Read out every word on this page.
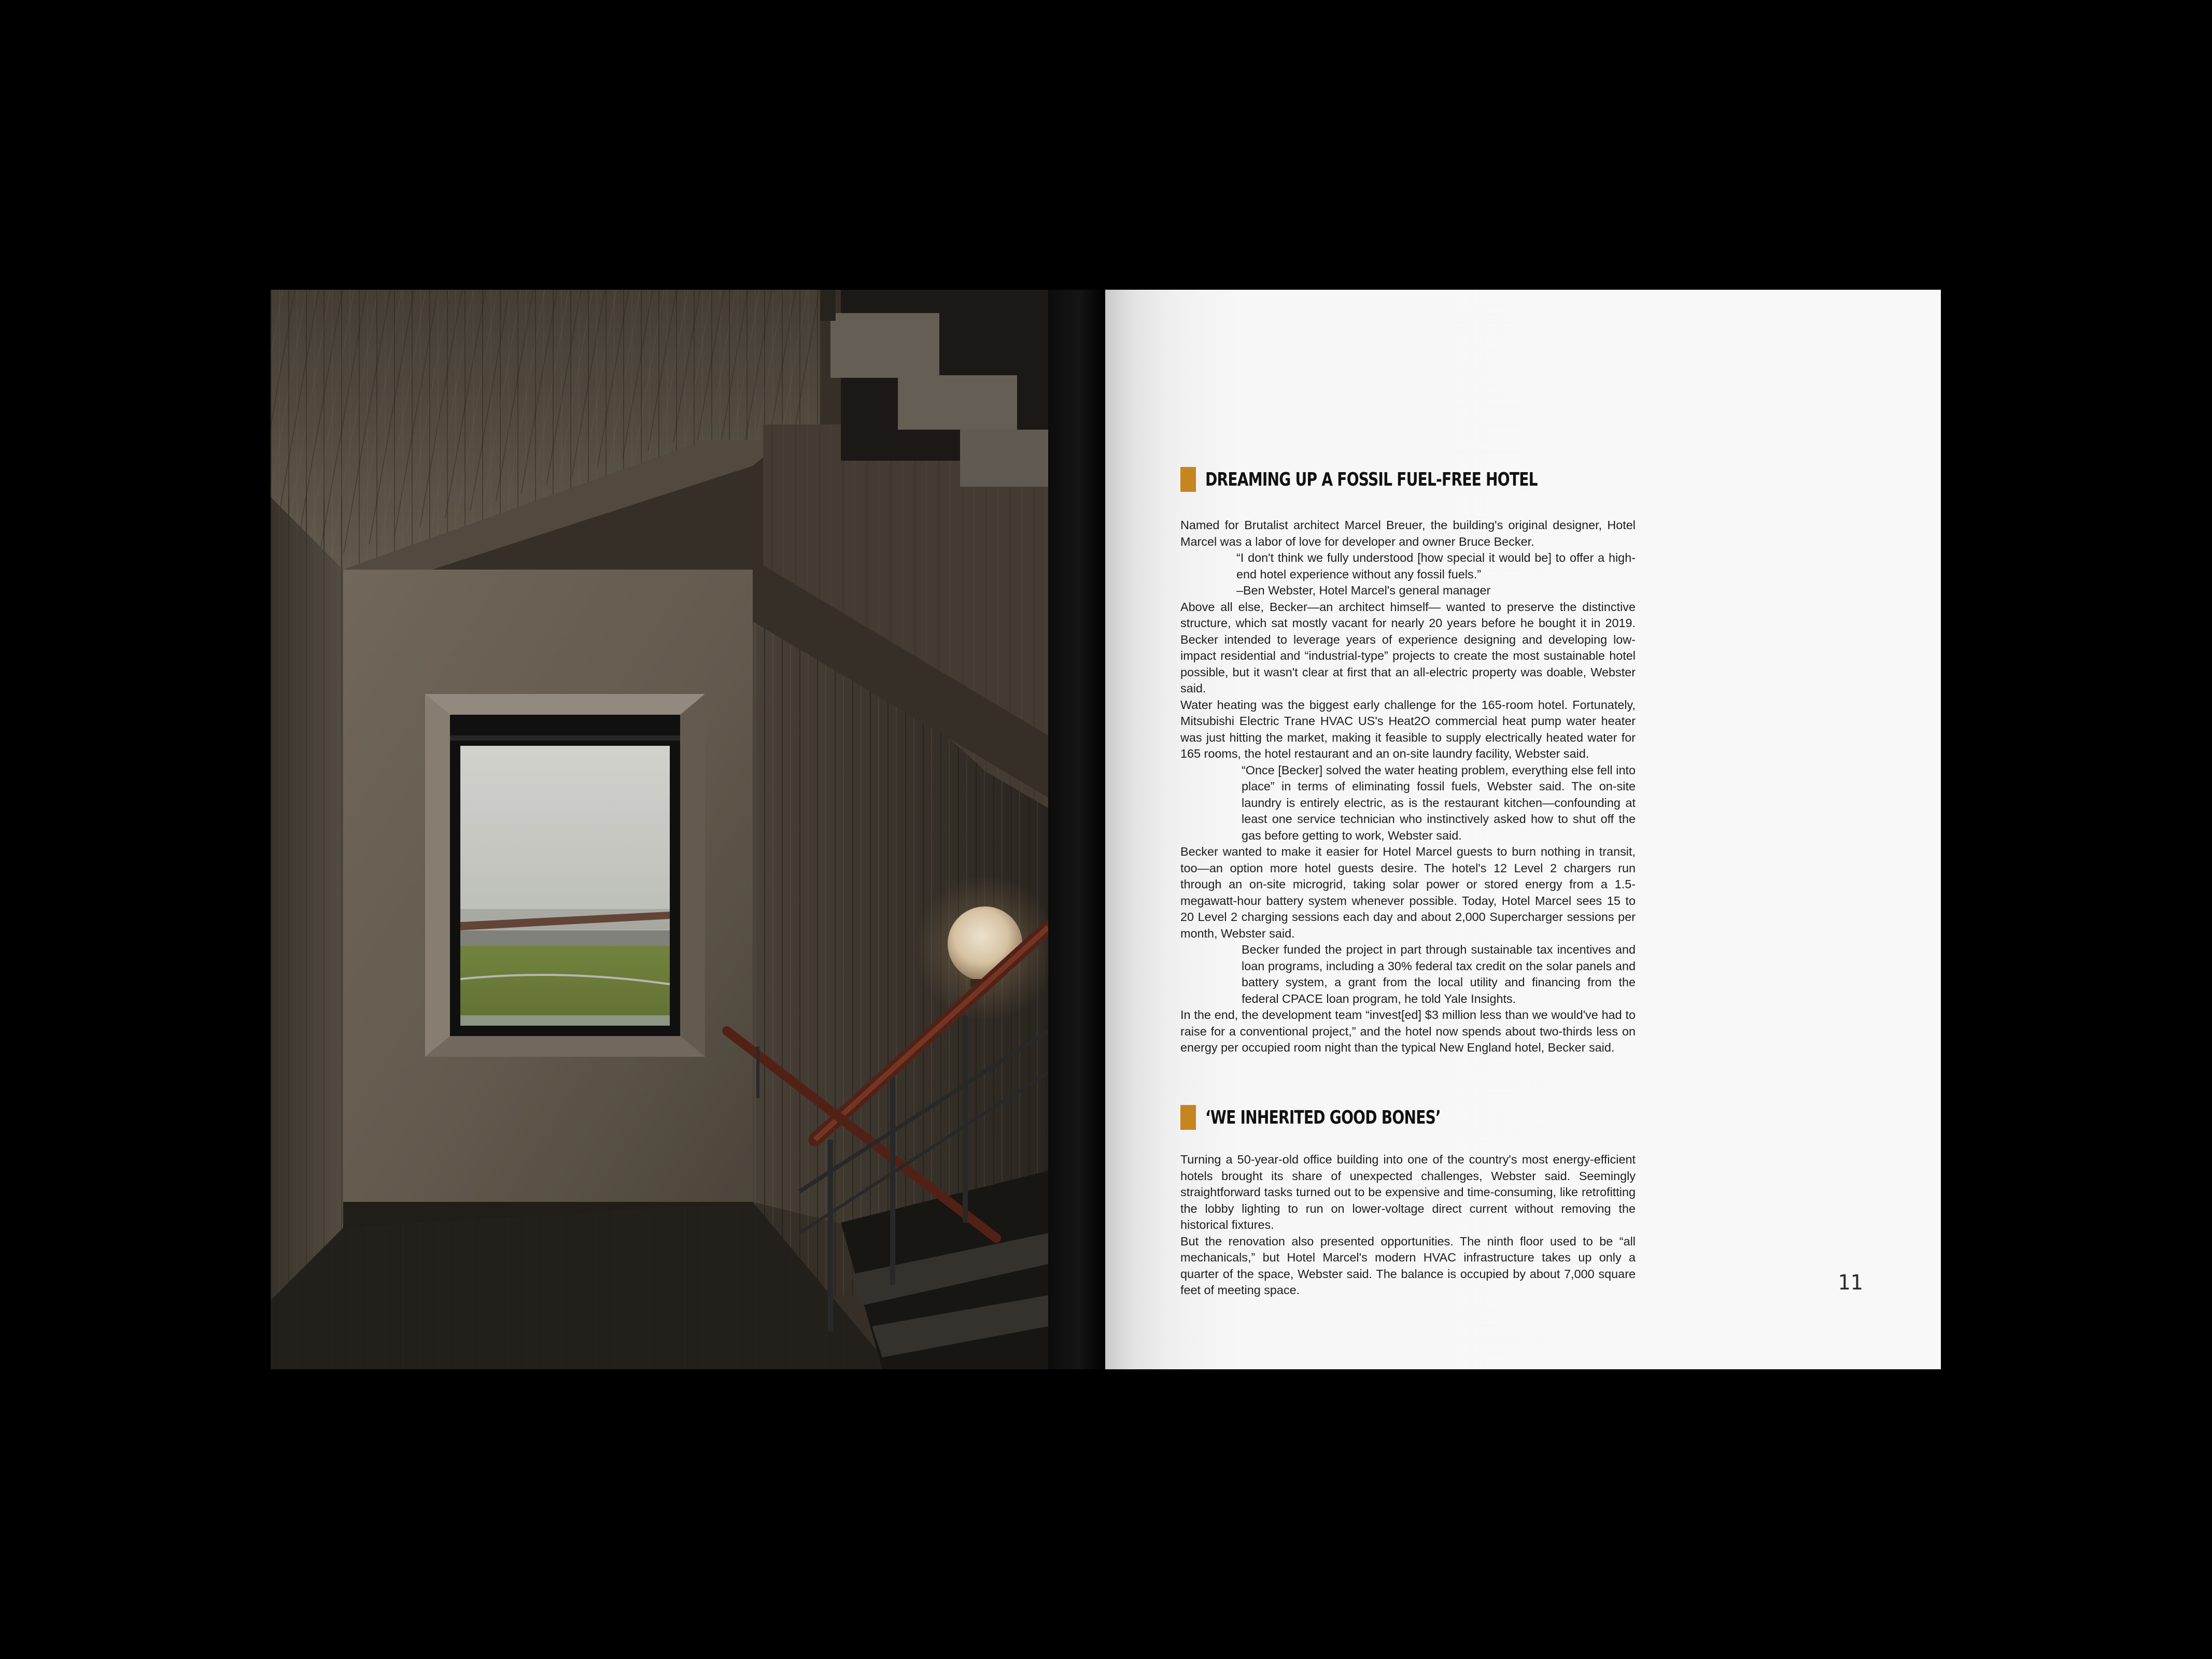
DREAMING UP A FOSSIL FUEL-FREE HOTEL

Named for Brutalist architect Marcel Breuer, the building's original designer, Hotel Marcel was a labor of love for developer and owner Bruce Becker.

“I don't think we fully understood [how special it would be] to offer a high-end hotel experience without any fossil fuels.”

–Ben Webster, Hotel Marcel's general manager

Above all else, Becker—an architect himself— wanted to preserve the distinctive structure, which sat mostly vacant for nearly 20 years before he bought it in 2019. Becker intended to leverage years of experience designing and developing low-impact residential and “industrial-type” projects to create the most sustainable hotel possible, but it wasn't clear at first that an all-electric property was doable, Webster said.

Water heating was the biggest early challenge for the 165-room hotel. Fortunately, Mitsubishi Electric Trane HVAC US's Heat2O commercial heat pump water heater was just hitting the market, making it feasible to supply electrically heated water for 165 rooms, the hotel restaurant and an on-site laundry facility, Webster said.

“Once [Becker] solved the water heating problem, everything else fell into place” in terms of eliminating fossil fuels, Webster said. The on-site laundry is entirely electric, as is the restaurant kitchen—confounding at least one service technician who instinctively asked how to shut off the gas before getting to work, Webster said.

Becker wanted to make it easier for Hotel Marcel guests to burn nothing in transit, too—an option more hotel guests desire. The hotel's 12 Level 2 chargers run through an on-site microgrid, taking solar power or stored energy from a 1.5-megawatt-hour battery system whenever possible. Today, Hotel Marcel sees 15 to 20 Level 2 charging sessions each day and about 2,000 Supercharger sessions per month, Webster said.

Becker funded the project in part through sustainable tax incentives and loan programs, including a 30% federal tax credit on the solar panels and battery system, a grant from the local utility and financing from the federal CPACE loan program, he told Yale Insights.

In the end, the development team “invest[ed] $3 million less than we would've had to raise for a conventional project,” and the hotel now spends about two-thirds less on energy per occupied room night than the typical New England hotel, Becker said.

‘WE INHERITED GOOD BONES’

Turning a 50-year-old office building into one of the country's most energy-efficient hotels brought its share of unexpected challenges, Webster said. Seemingly straightforward tasks turned out to be expensive and time-consuming, like retrofitting the lobby lighting to run on lower-voltage direct current without removing the historical fixtures.

But the renovation also presented opportunities. The ninth floor used to be “all mechanicals,” but Hotel Marcel's modern HVAC infrastructure takes up only a quarter of the space, Webster said. The balance is occupied by about 7,000 square feet of meeting space.	11
